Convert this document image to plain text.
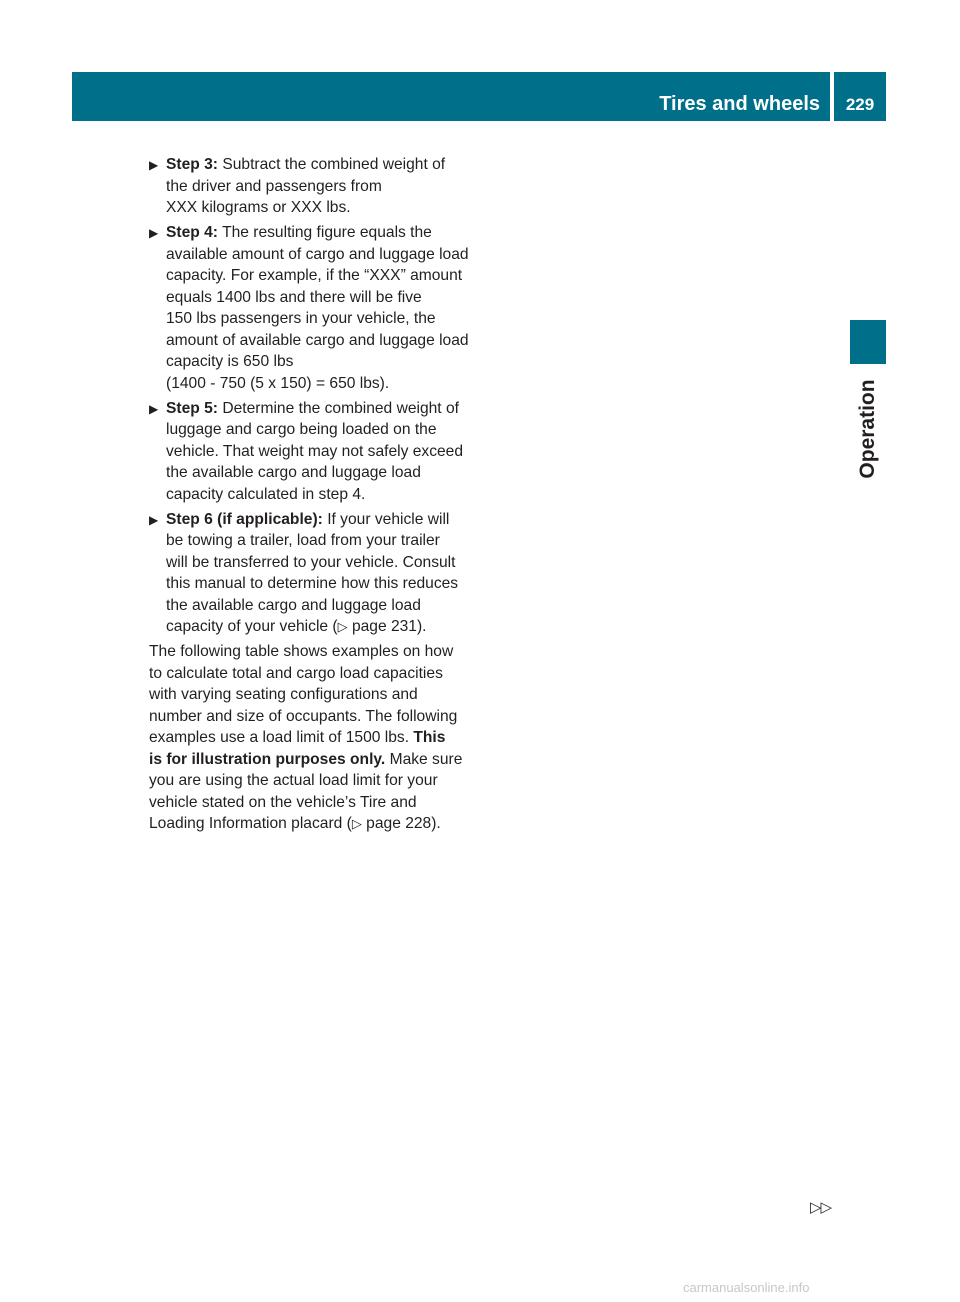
Tires and wheels	229
Operation
▶ Step 3: Subtract the combined weight of
the driver and passengers from
XXX kilograms or XXX lbs.
▶ Step 4: The resulting figure equals the
available amount of cargo and luggage load
capacity. For example, if the “XXX” amount
equals 1400 lbs and there will be five
150 lbs passengers in your vehicle, the
amount of available cargo and luggage load
capacity is 650 lbs
(1400 - 750 (5 x 150) = 650 lbs).
▶ Step 5: Determine the combined weight of
luggage and cargo being loaded on the
vehicle. That weight may not safely exceed
the available cargo and luggage load
capacity calculated in step 4.
▶ Step 6 (if applicable): If your vehicle will
be towing a trailer, load from your trailer
will be transferred to your vehicle. Consult
this manual to determine how this reduces
the available cargo and luggage load
capacity of your vehicle (▷ page 231).
The following table shows examples on how
to calculate total and cargo load capacities
with varying seating configurations and
number and size of occupants. The following
examples use a load limit of 1500 lbs. This
is for illustration purposes only. Make sure
you are using the actual load limit for your
vehicle stated on the vehicle’s Tire and
Loading Information placard (▷ page 228).
▷▷
carmanualsonline.info
